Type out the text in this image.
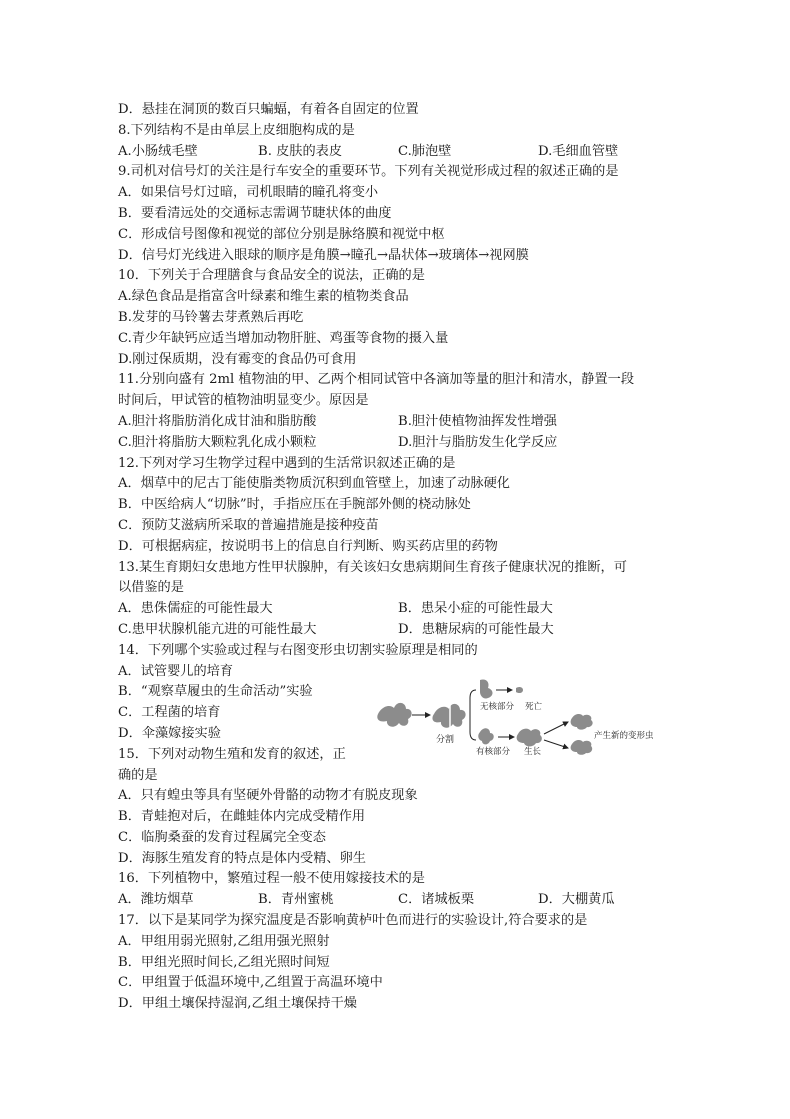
D．悬挂在洞顶的数百只蝙蝠，有着各自固定的位置
8.下列结构不是由单层上皮细胞构成的是
A.小肠绒毛壁	B. 皮肤的表皮	C.肺泡壁	D.毛细血管壁
9.司机对信号灯的关注是行车安全的重要环节。下列有关视觉形成过程的叙述正确的是
A．如果信号灯过暗，司机眼睛的瞳孔将变小
B．要看清远处的交通标志需调节睫状体的曲度
C．形成信号图像和视觉的部位分别是脉络膜和视觉中枢
D．信号灯光线进入眼球的顺序是角膜→瞳孔→晶状体→玻璃体→视网膜
10．下列关于合理膳食与食品安全的说法，正确的是
A.绿色食品是指富含叶绿素和维生素的植物类食品
B.发芽的马铃薯去芽煮熟后再吃
C.青少年缺钙应适当增加动物肝脏、鸡蛋等食物的摄入量
D.刚过保质期，没有霉变的食品仍可食用
11.分别向盛有 2ml 植物油的甲、乙两个相同试管中各滴加等量的胆汁和清水，静置一段
时间后，甲试管的植物油明显变少。原因是
A.胆汁将脂肪消化成甘油和脂肪酸	B.胆汁使植物油挥发性增强
C.胆汁将脂肪大颗粒乳化成小颗粒	D.胆汁与脂肪发生化学反应
12.下列对学习生物学过程中遇到的生活常识叙述正确的是
A．烟草中的尼古丁能使脂类物质沉积到血管壁上，加速了动脉硬化
B．中医给病人“切脉”时，手指应压在手腕部外侧的桡动脉处
C．预防艾滋病所采取的普遍措施是接种疫苗
D．可根据病症，按说明书上的信息自行判断、购买药店里的药物
13.某生育期妇女患地方性甲状腺肿，有关该妇女患病期间生育孩子健康状况的推断，可
以借鉴的是
A．患侏儒症的可能性最大	B．患呆小症的可能性最大
C.患甲状腺机能亢进的可能性最大	D．患糖尿病的可能性最大
14．下列哪个实验或过程与右图变形虫切割实验原理是相同的
A．试管婴儿的培育
B．“观察草履虫的生命活动”实验
C．工程菌的培育
D．伞藻嫁接实验
15．下列对动物生殖和发育的叙述，正
确的是
A．只有蝗虫等具有坚硬外骨骼的动物才有脱皮现象
B．青蛙抱对后，在雌蛙体内完成受精作用
C．临朐桑蚕的发育过程属完全变态
D．海豚生殖发育的特点是体内受精、卵生
16．下列植物中，繁殖过程一般不使用嫁接技术的是
A．潍坊烟草	B．青州蜜桃	C．诸城板栗	D．大棚黄瓜
17．以下是某同学为探究温度是否影响黄栌叶色而进行的实验设计,符合要求的是
A．甲组用弱光照射,乙组用强光照射
B．甲组光照时间长,乙组光照时间短
C．甲组置于低温环境中,乙组置于高温环境中
D．甲组土壤保持湿润,乙组土壤保持干燥
分割
无核部分 死亡
有核部分 生长
产生新的变形虫
